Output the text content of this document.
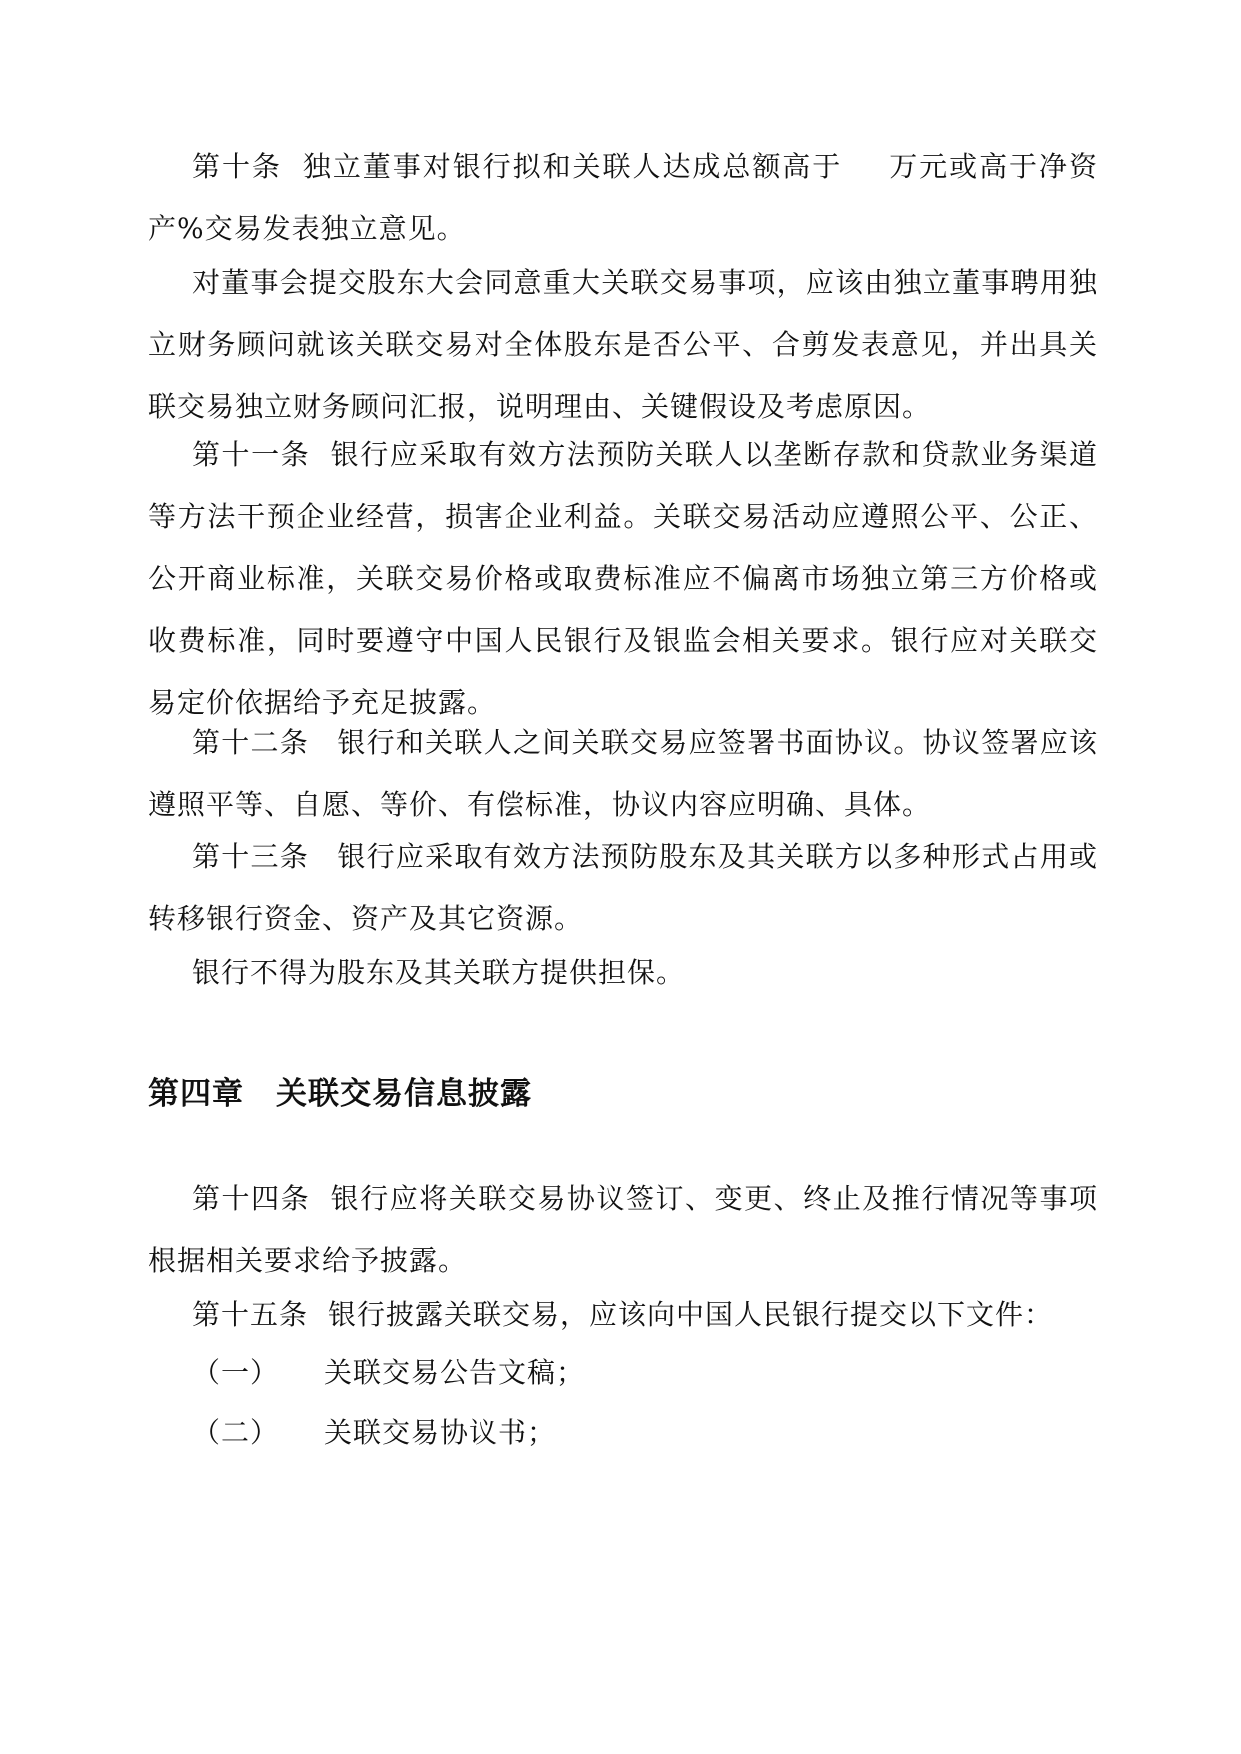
第十条 独立董事对银行拟和关联人达成总额高于 万元或高于净资产%交易发表独立意见。

对董事会提交股东大会同意重大关联交易事项，应该由独立董事聘用独立财务顾问就该关联交易对全体股东是否公平、合剪发表意见，并出具关联交易独立财务顾问汇报，说明理由、关键假设及考虑原因。

第十一条 银行应采取有效方法预防关联人以垄断存款和贷款业务渠道等方法干预企业经营，损害企业利益。关联交易活动应遵照公平、公正、公开商业标准，关联交易价格或取费标准应不偏离市场独立第三方价格或收费标准，同时要遵守中国人民银行及银监会相关要求。银行应对关联交易定价依据给予充足披露。

第十二条 银行和关联人之间关联交易应签署书面协议。协议签署应该遵照平等、自愿、等价、有偿标准，协议内容应明确、具体。

第十三条 银行应采取有效方法预防股东及其关联方以多种形式占用或转移银行资金、资产及其它资源。

银行不得为股东及其关联方提供担保。

第四章　关联交易信息披露

第十四条 银行应将关联交易协议签订、变更、终止及推行情况等事项根据相关要求给予披露。

第十五条 银行披露关联交易，应该向中国人民银行提交以下文件：

（一） 关联交易公告文稿；

（二） 关联交易协议书；
